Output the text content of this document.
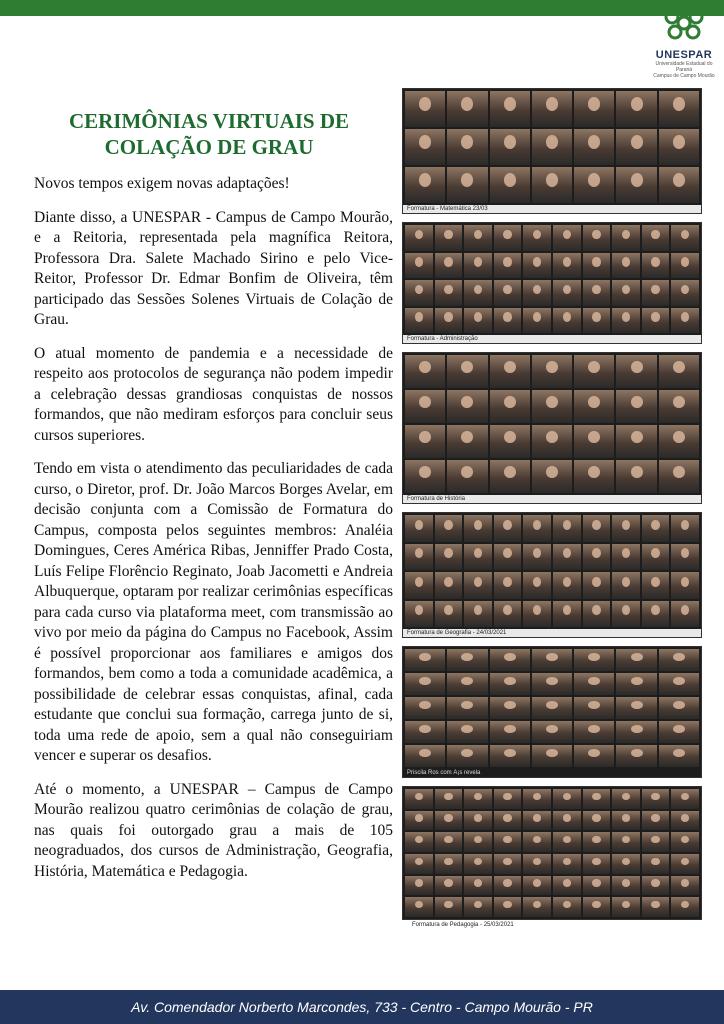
UNESPAR
Universidade Estadual do Paraná
Campus de Campo Mourão
CERIMÔNIAS VIRTUAIS DE COLAÇÃO DE GRAU

Novos tempos exigem novas adaptações!

Diante disso, a UNESPAR - Campus de Campo Mourão, e a Reitoria, representada pela magnífica Reitora, Professora Dra. Salete Machado Sirino e pelo Vice-Reitor, Professor Dr. Edmar Bonfim de Oliveira, têm participado das Sessões Solenes Virtuais de Colação de Grau.

O atual momento de pandemia e a necessidade de respeito aos protocolos de segurança não podem impedir a celebração dessas grandiosas conquistas de nossos formandos, que não mediram esforços para concluir seus cursos superiores.

Tendo em vista o atendimento das peculiaridades de cada curso, o Diretor, prof. Dr. João Marcos Borges Avelar, em decisão conjunta com a Comissão de Formatura do Campus, composta pelos seguintes membros: Analéia Domingues, Ceres América Ribas, Jenniffer Prado Costa, Luís Felipe Florêncio Reginato, Joab Jacometti e Andreia Albuquerque, optaram por realizar cerimônias específicas para cada curso via plataforma meet, com transmissão ao vivo por meio da página do Campus no Facebook, Assim é possível proporcionar aos familiares e amigos dos formandos, bem como a toda a comunidade acadêmica, a possibilidade de celebrar essas conquistas, afinal, cada estudante que conclui sua formação, carrega junto de si, toda uma rede de apoio, sem a qual não conseguiriam vencer e superar os desafios.

Até o momento, a UNESPAR – Campus de Campo Mourão realizou quatro cerimônias de colação de grau, nas quais foi outorgado grau a mais de 105 neograduados, dos cursos de Administração, Geografia, História, Matemática e Pedagogia.

Formatura - Matemática 23/03
Formatura - Administração
Formatura de História
Formatura de Geografia - 24/03/2021
Priscila Ros com Ã¡s revela
Formatura de Pedagogia - 25/03/2021
Av. Comendador Norberto Marcondes, 733 - Centro - Campo Mourão - PR
